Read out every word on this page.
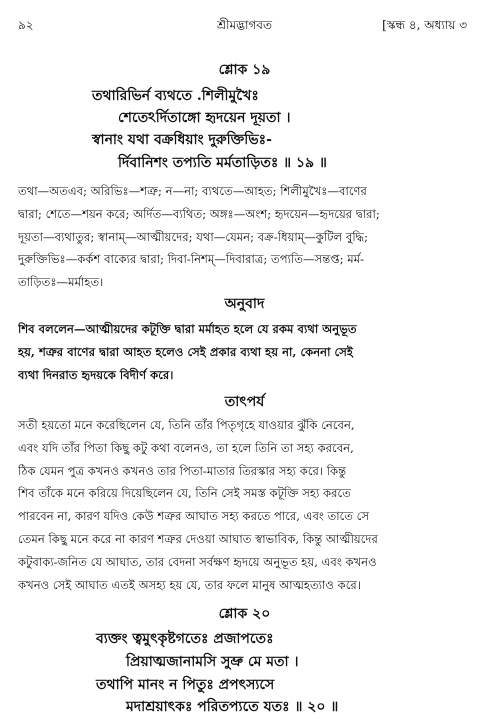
৯২	শ্রীমদ্ভাগবত	[স্কন্ধ ৪, অধ্যায় ৩
শ্লোক ১৯
তথারিভির্ন ব্যথতে .শিলীমুখৈঃ
শেতেঽর্দিতাঙ্গো হৃদয়েন দূয়তা ।
স্বানাং যথা বক্রধিয়াং দুরুক্তিভিঃ-
র্দিবানিশং তপ্যতি মর্মতাড়িতঃ ॥ ১৯ ॥
তথা—অতএব; অরিভিঃ—শত্রু; ন—না; ব্যথতে—আহত; শিলীমুখৈঃ—বাণের
দ্বারা; শেতে—শয়ন করে; অর্দিত—ব্যথিত; অঙ্গঃ—অংশ; হৃদয়েন—হৃদয়ের দ্বারা;
দূয়তা—ব্যথাতুর; স্বানাম্—আত্মীয়দের; যথা—যেমন; বক্র-ধিয়াম্—কুটিল বুদ্ধি;
দুরুক্তিভিঃ—কর্কশ বাক্যের দ্বারা; দিবা-নিশম্—দিবারাত্র; তপ্যতি—সন্তপ্ত; মর্ম-
তাড়িতঃ—মর্মাহত।
অনুবাদ
শিব বললেন—আত্মীয়দের কটূক্তি দ্বারা মর্মাহত হলে যে রকম ব্যথা অনুভূত
হয়, শত্রুর বাণের দ্বারা আহত হলেও সেই প্রকার ব্যথা হয় না, কেননা সেই
ব্যথা দিনরাত হৃদয়কে বিদীর্ণ করে।
তাৎপর্য
সতী হয়তো মনে করেছিলেন যে, তিনি তাঁর পিতৃগৃহে যাওয়ার ঝুঁকি নেবেন,
এবং যদি তাঁর পিতা কিছু কটু কথা বলেনও, তা হলে তিনি তা সহ্য করবেন,
ঠিক যেমন পুত্র কখনও কখনও তার পিতা-মাতার তিরস্কার সহ্য করে। কিন্তু
শিব তাঁকে মনে করিয়ে দিয়েছিলেন যে, তিনি সেই সমস্ত কটূক্তি সহ্য করতে
পারবেন না, কারণ যদিও কেউ শত্রুর আঘাত সহ্য করতে পারে, এবং তাতে সে
তেমন কিছু মনে করে না কারণ শত্রুর দেওয়া আঘাত স্বাভাবিক, কিন্তু আত্মীয়দের
কটুবাক্য-জনিত যে আঘাত, তার বেদনা সর্বক্ষণ হৃদয়ে অনুভূত হয়, এবং কখনও
কখনও সেই আঘাত এতই অসহ্য হয় যে, তার ফলে মানুষ আত্মহত্যাও করে।
শ্লোক ২০
ব্যক্তং ত্বমুৎকৃষ্টগতেঃ প্রজাপতেঃ
প্রিয়াত্মজানামসি সুভ্রু মে মতা ।
তথাপি মানং ন পিতুঃ প্রপৎস্যসে
মদাশ্রয়াৎকঃ পরিতপ্যতে যতঃ ॥ ২০ ॥
